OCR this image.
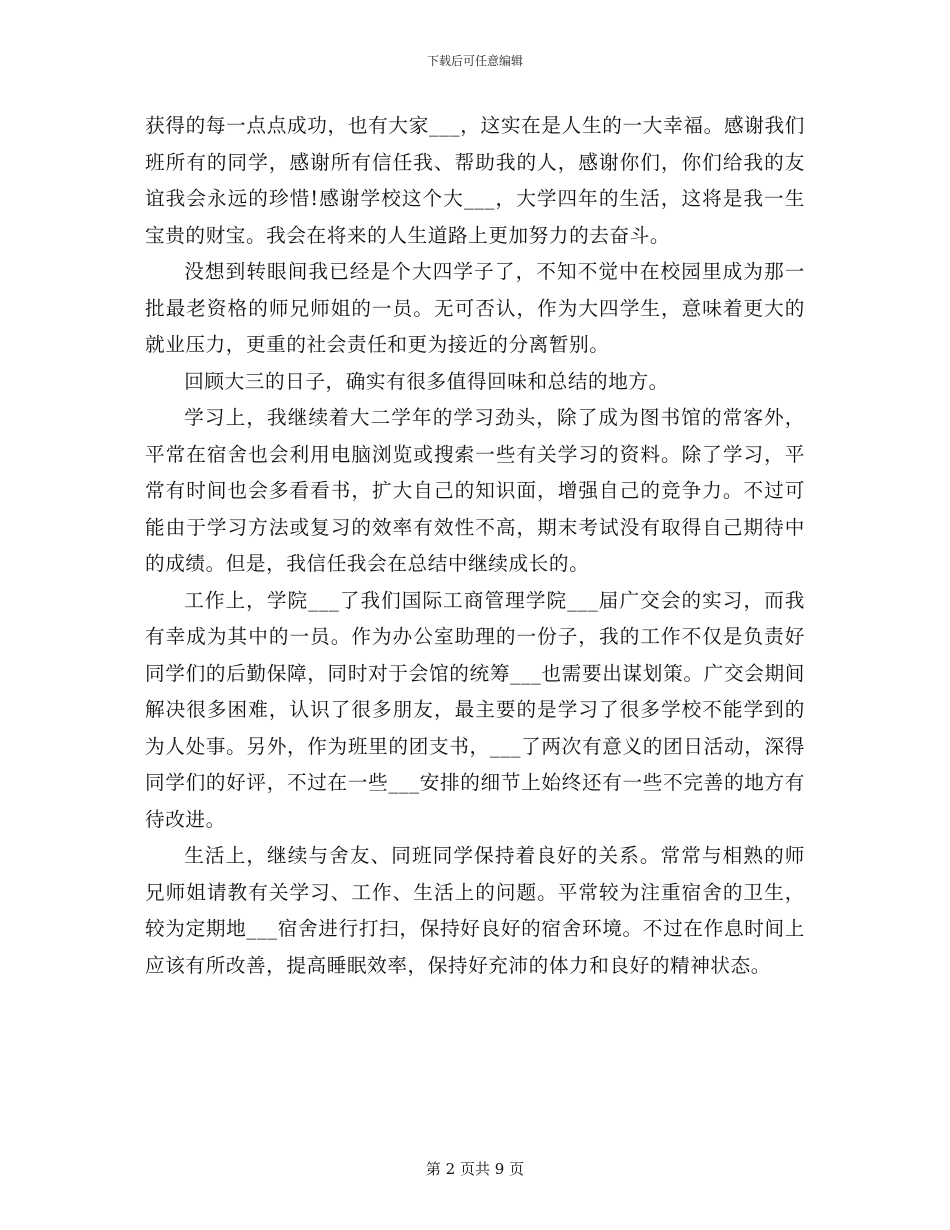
下载后可任意编辑

获得的每一点点成功，也有大家___，这实在是人生的一大幸福。感谢我们班所有的同学，感谢所有信任我、帮助我的人，感谢你们，你们给我的友谊我会永远的珍惜!感谢学校这个大___，大学四年的生活，这将是我一生宝贵的财宝。我会在将来的人生道路上更加努力的去奋斗。

没想到转眼间我已经是个大四学子了，不知不觉中在校园里成为那一批最老资格的师兄师姐的一员。无可否认，作为大四学生，意味着更大的就业压力，更重的社会责任和更为接近的分离暂别。

回顾大三的日子，确实有很多值得回味和总结的地方。

学习上，我继续着大二学年的学习劲头，除了成为图书馆的常客外，平常在宿舍也会利用电脑浏览或搜索一些有关学习的资料。除了学习，平常有时间也会多看看书，扩大自己的知识面，增强自己的竞争力。不过可能由于学习方法或复习的效率有效性不高，期末考试没有取得自己期待中的成绩。但是，我信任我会在总结中继续成长的。

工作上，学院___了我们国际工商管理学院___届广交会的实习，而我有幸成为其中的一员。作为办公室助理的一份子，我的工作不仅是负责好同学们的后勤保障，同时对于会馆的统筹___也需要出谋划策。广交会期间解决很多困难，认识了很多朋友，最主要的是学习了很多学校不能学到的为人处事。另外，作为班里的团支书，___了两次有意义的团日活动，深得同学们的好评，不过在一些___安排的细节上始终还有一些不完善的地方有待改进。

生活上，继续与舍友、同班同学保持着良好的关系。常常与相熟的师兄师姐请教有关学习、工作、生活上的问题。平常较为注重宿舍的卫生，较为定期地___宿舍进行打扫，保持好良好的宿舍环境。不过在作息时间上应该有所改善，提高睡眠效率，保持好充沛的体力和良好的精神状态。

第 2 页共 9 页
